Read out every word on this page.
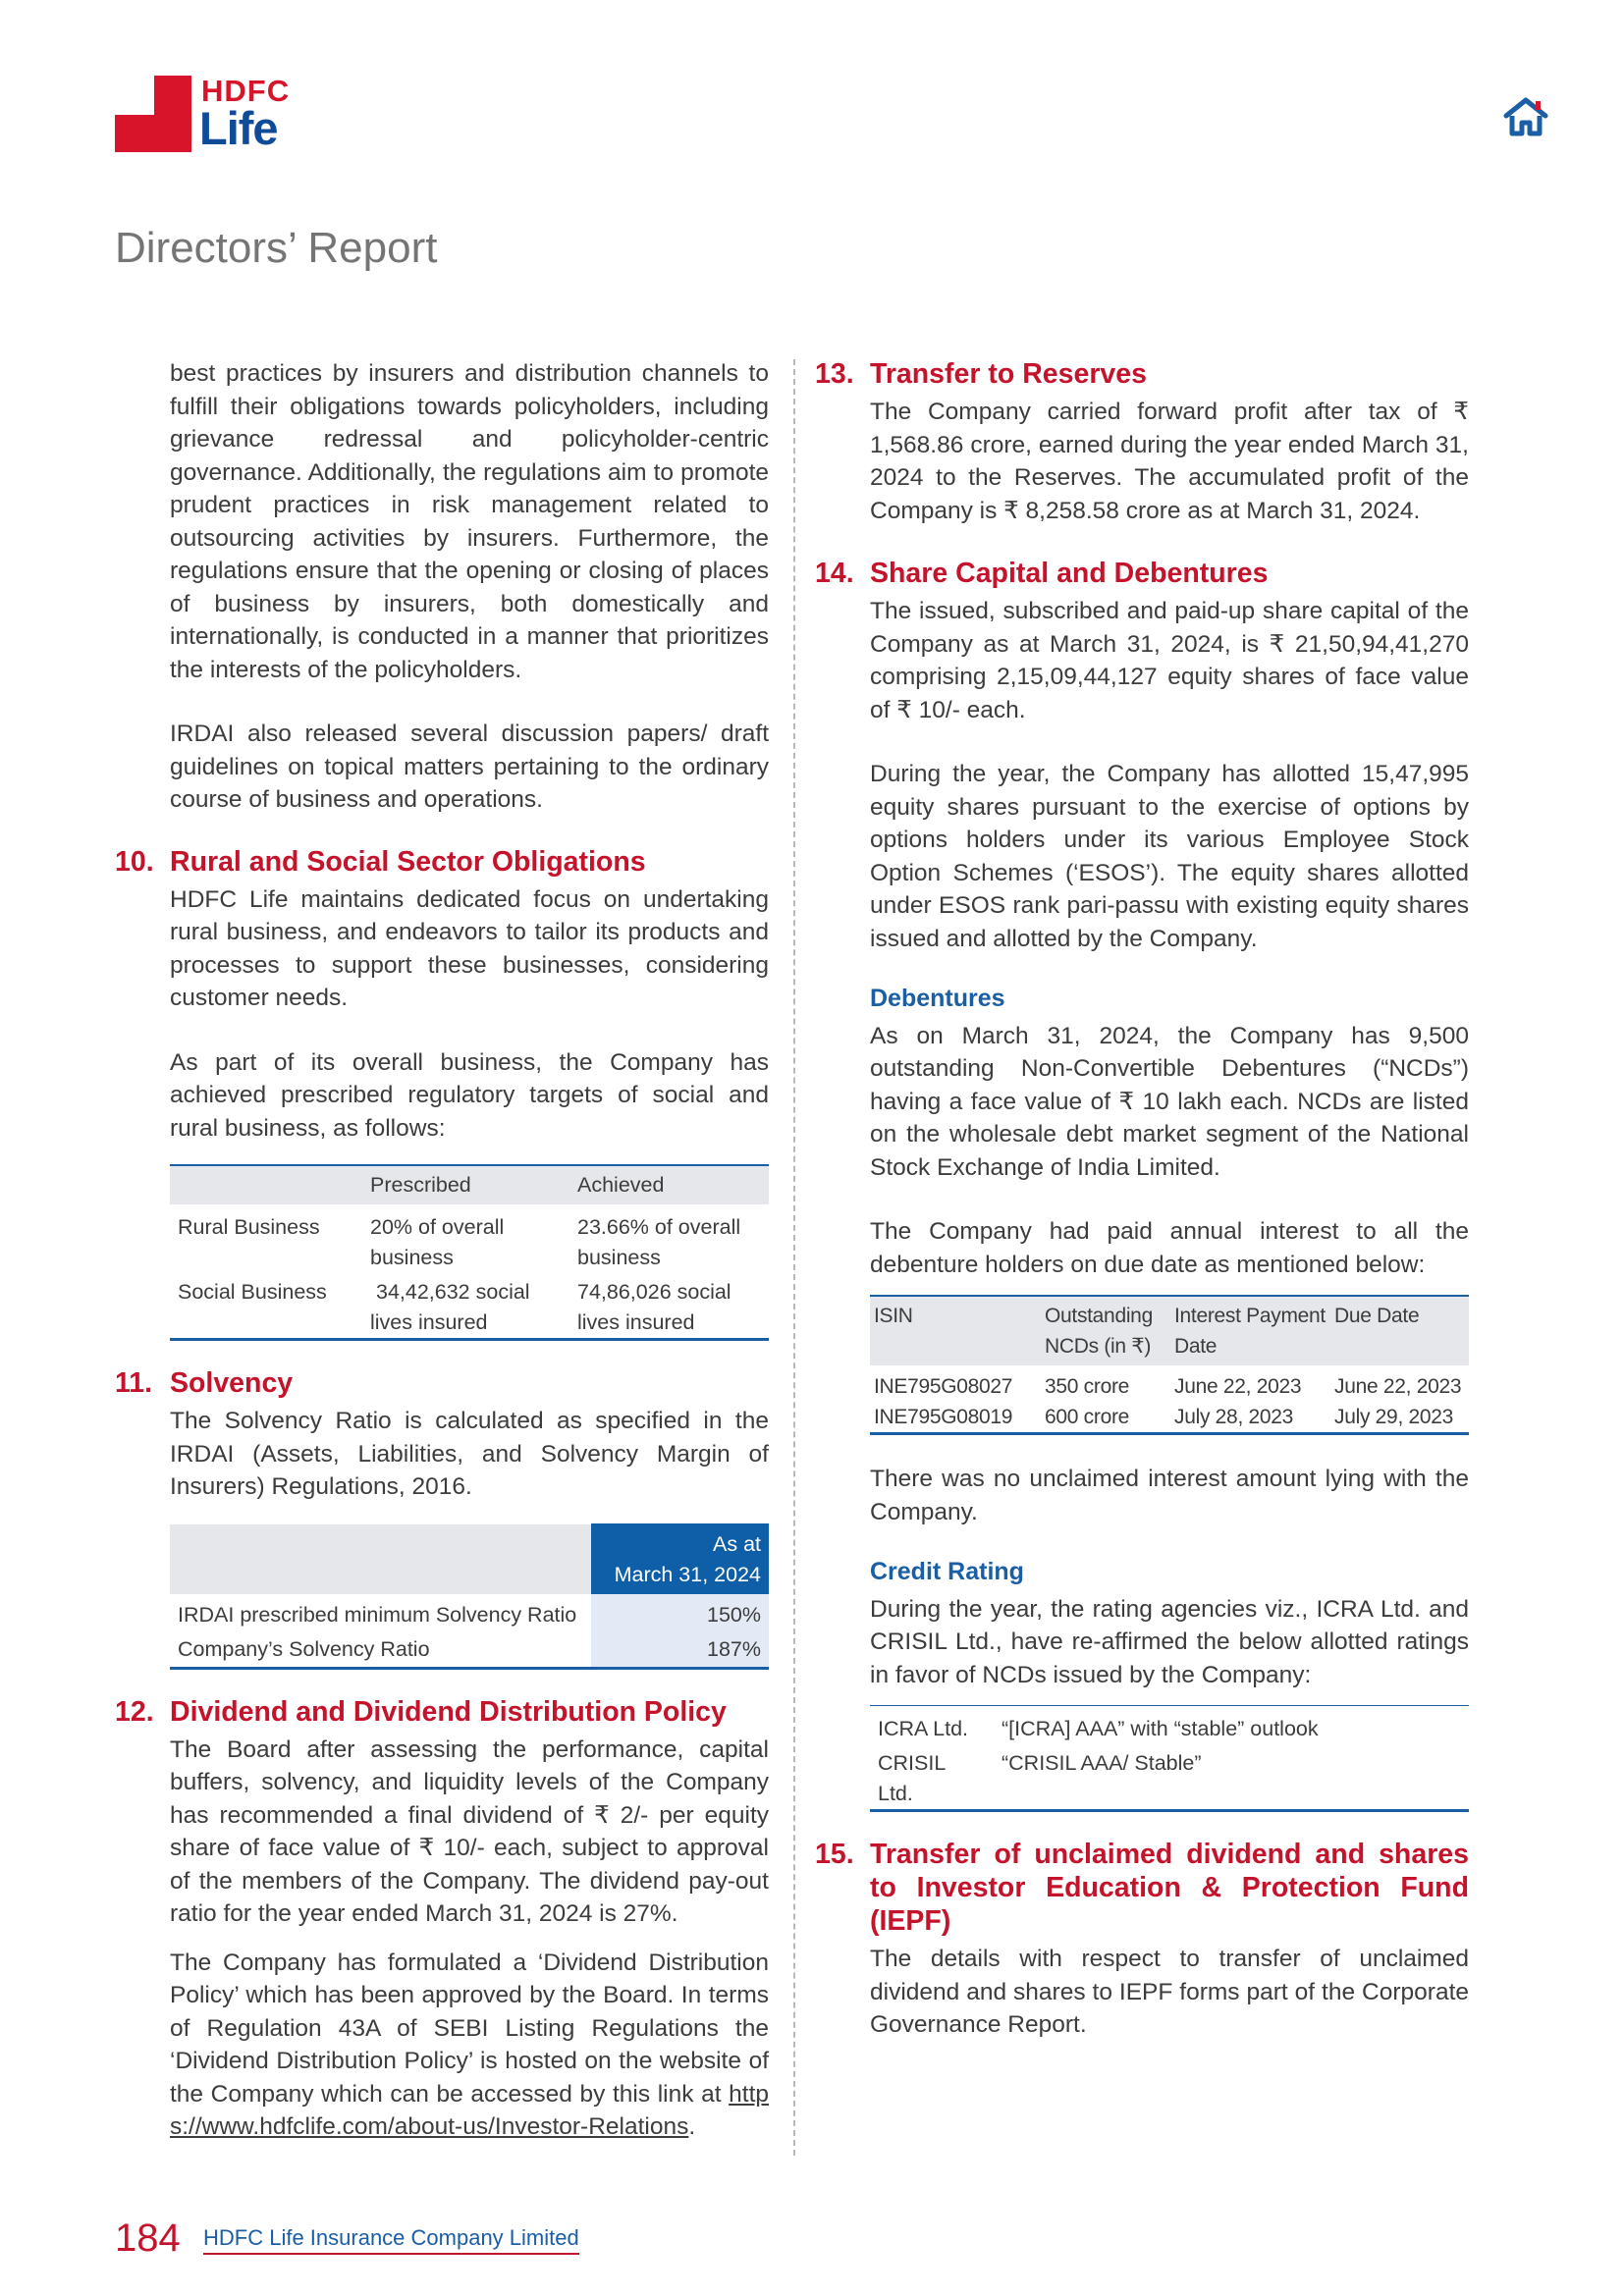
HDFC
Life
Directors’ Report

best practices by insurers and distribution channels to fulfill their obligations towards policyholders, including grievance redressal and policyholder-centric governance. Additionally, the regulations aim to promote prudent practices in risk management related to outsourcing activities by insurers. Furthermore, the regulations ensure that the opening or closing of places of business by insurers, both domestically and internationally, is conducted in a manner that prioritizes the interests of the policyholders.

IRDAI also released several discussion papers/ draft guidelines on topical matters pertaining to the ordinary course of business and operations.

10. Rural and Social Sector Obligations

HDFC Life maintains dedicated focus on undertaking rural business, and endeavors to tailor its products and processes to support these businesses, considering customer needs.

As part of its overall business, the Company has achieved prescribed regulatory targets of social and rural business, as follows:

	Prescribed	Achieved
Rural Business	20% of overall business	23.66% of overall business
Social Business	34,42,632 social lives insured	74,86,026 social lives insured
11. Solvency

The Solvency Ratio is calculated as specified in the IRDAI (Assets, Liabilities, and Solvency Margin of Insurers) Regulations, 2016.

	As at
March 31, 2024

IRDAI prescribed minimum Solvency Ratio	150%
Company’s Solvency Ratio	187%
12. Dividend and Dividend Distribution Policy

The Board after assessing the performance, capital buffers, solvency, and liquidity levels of the Company has recommended a final dividend of ₹ 2/- per equity share of face value of ₹ 10/- each, subject to approval of the members of the Company. The dividend pay-out ratio for the year ended March 31, 2024 is 27%.

The Company has formulated a ‘Dividend Distribution Policy’ which has been approved by the Board. In terms of Regulation 43A of SEBI Listing Regulations the ‘Dividend Distribution Policy’ is hosted on the website of the Company which can be accessed by this link at https://www.hdfclife.com/about-us/Investor-Relations.

13. Transfer to Reserves

The Company carried forward profit after tax of ₹ 1,568.86 crore, earned during the year ended March 31, 2024 to the Reserves. The accumulated profit of the Company is ₹ 8,258.58 crore as at March 31, 2024.

14. Share Capital and Debentures

The issued, subscribed and paid-up share capital of the Company as at March 31, 2024, is ₹ 21,50,94,41,270 comprising 2,15,09,44,127 equity shares of face value of ₹ 10/- each.

During the year, the Company has allotted 15,47,995 equity shares pursuant to the exercise of options by options holders under its various Employee Stock Option Schemes (‘ESOS’). The equity shares allotted under ESOS rank pari-passu with existing equity shares issued and allotted by the Company.

Debentures

As on March 31, 2024, the Company has 9,500 outstanding Non-Convertible Debentures (“NCDs”) having a face value of ₹ 10 lakh each. NCDs are listed on the wholesale debt market segment of the National Stock Exchange of India Limited.

The Company had paid annual interest to all the debenture holders on due date as mentioned below:

ISIN	Outstanding NCDs (in ₹)	Interest Payment Date	Due Date
INE795G08027	350 crore	June 22, 2023	June 22, 2023
INE795G08019	600 crore	July 28, 2023	July 29, 2023

There was no unclaimed interest amount lying with the Company.

Credit Rating

During the year, the rating agencies viz., ICRA Ltd. and CRISIL Ltd., have re-affirmed the below allotted ratings in favor of NCDs issued by the Company:

ICRA Ltd.	“[ICRA] AAA” with “stable” outlook
CRISIL Ltd.	“CRISIL AAA/ Stable”
15. Transfer of unclaimed dividend and shares to Investor Education & Protection Fund (IEPF)

The details with respect to transfer of unclaimed dividend and shares to IEPF forms part of the Corporate Governance Report.

184 HDFC Life Insurance Company Limited
